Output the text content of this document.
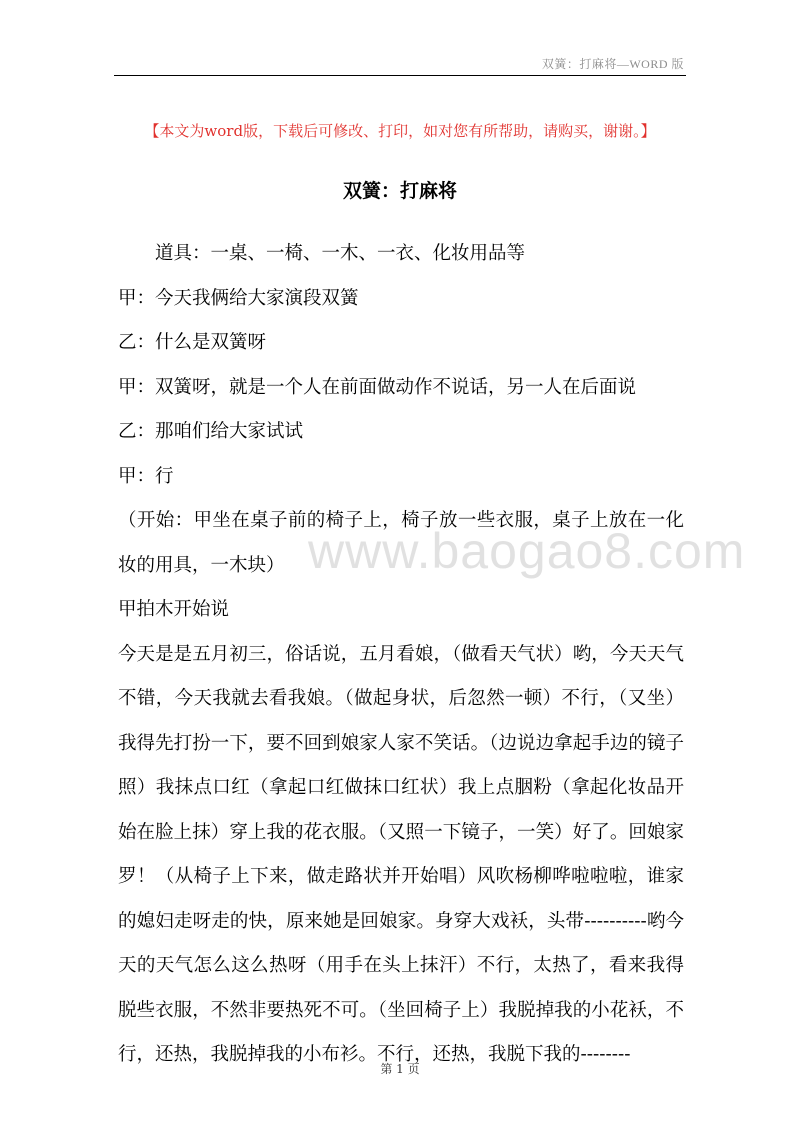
双簧：打麻将—WORD 版
【本文为word版，下载后可修改、打印，如对您有所帮助，请购买，谢谢。】
双簧：打麻将

道具：一桌、一椅、一木、一衣、化妆用品等

甲：今天我俩给大家演段双簧

乙：什么是双簧呀

甲：双簧呀，就是一个人在前面做动作不说话，另一人在后面说

乙：那咱们给大家试试

甲：行

（开始：甲坐在桌子前的椅子上，椅子放一些衣服，桌子上放在一化妆的用具，一木块）

甲拍木开始说

今天是是五月初三，俗话说，五月看娘，（做看天气状）哟，今天天气不错，今天我就去看我娘。（做起身状，后忽然一顿）不行，（又坐）我得先打扮一下，要不回到娘家人家不笑话。（边说边拿起手边的镜子照）我抹点口红（拿起口红做抹口红状）我上点胭粉（拿起化妆品开始在脸上抹）穿上我的花衣服。（又照一下镜子，一笑）好了。回娘家罗！（从椅子上下来，做走路状并开始唱）风吹杨柳哗啦啦啦，谁家的媳妇走呀走的快，原来她是回娘家。身穿大戏袄，头带----------哟今天的天气怎么这么热呀（用手在头上抹汗）不行，太热了，看来我得脱些衣服，不然非要热死不可。（坐回椅子上）我脱掉我的小花袄，不行，还热，我脱掉我的小布衫。不行，还热，我脱下我的--------

www.baogao8.com
第 1 页
